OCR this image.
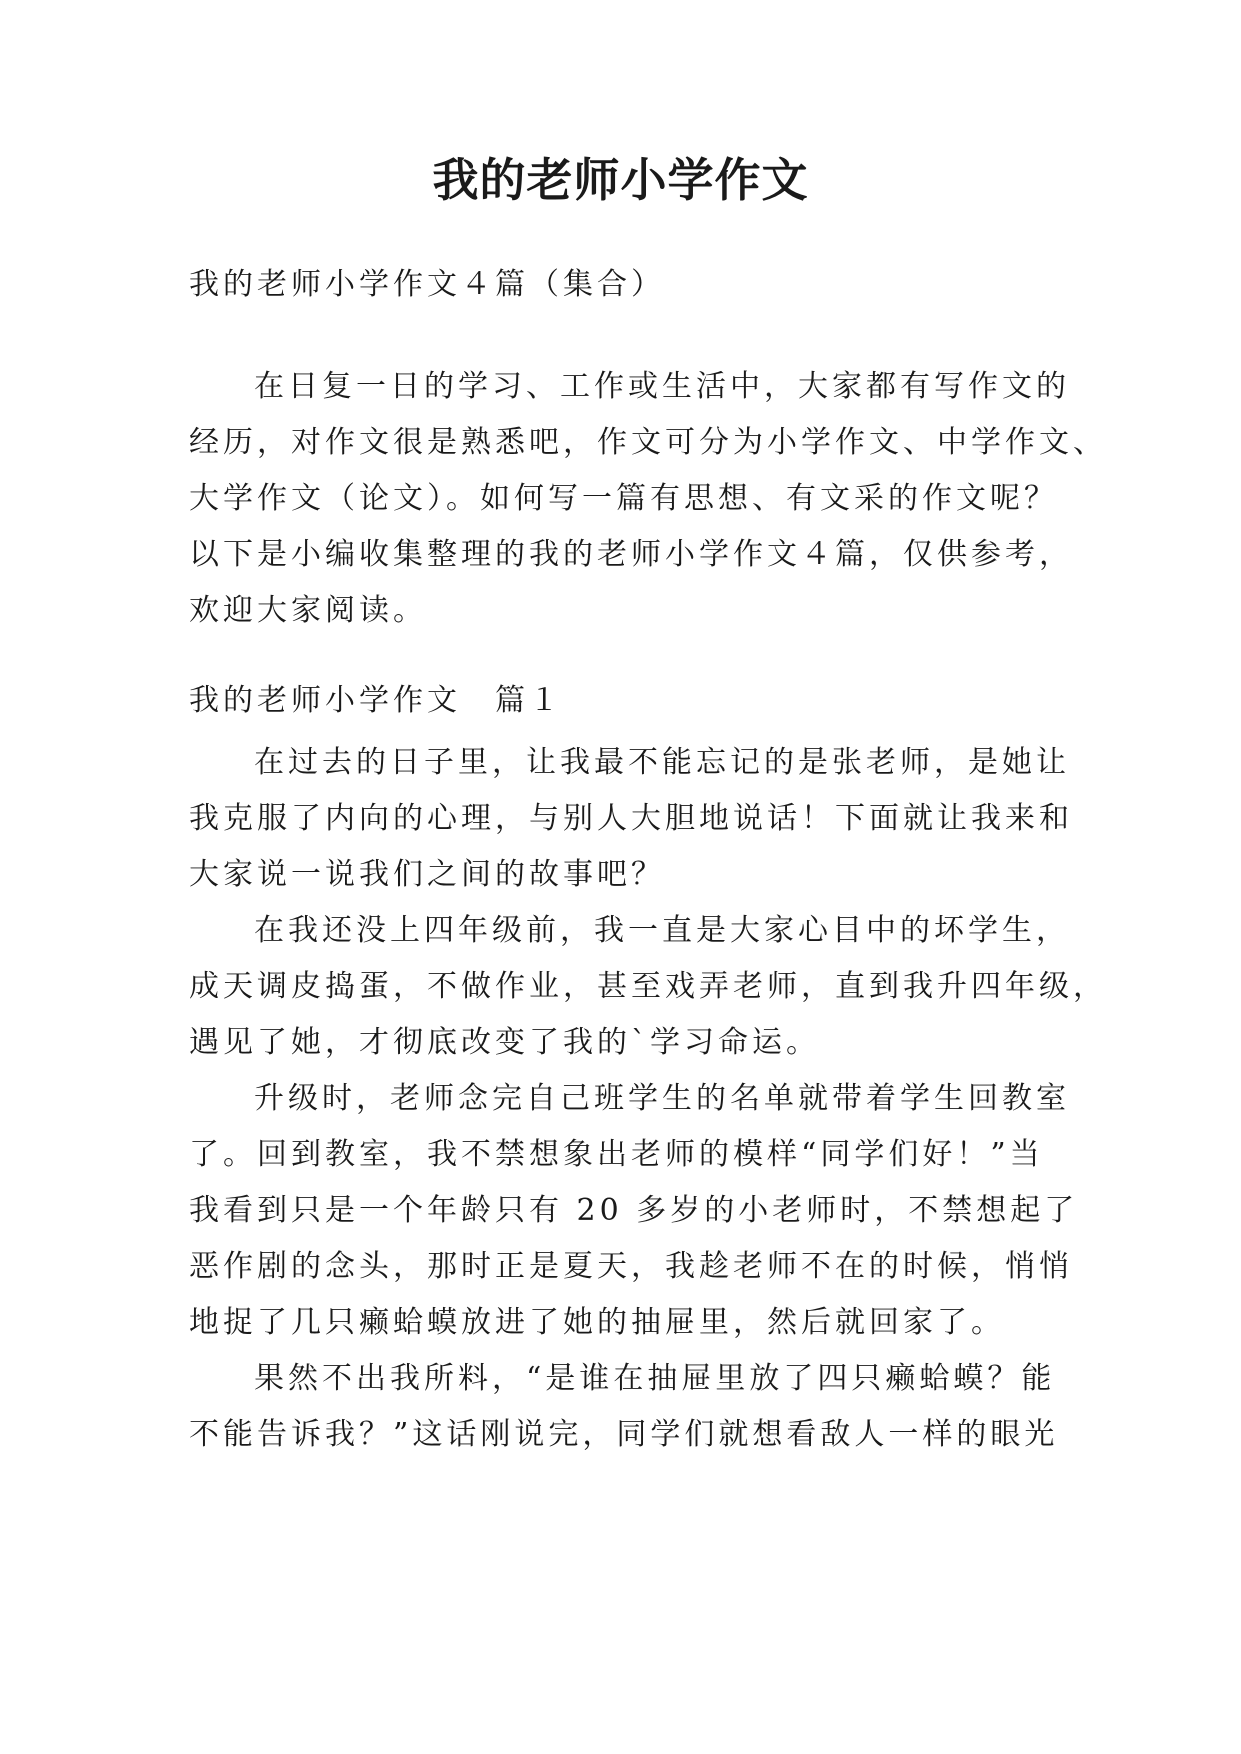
我的老师小学作文

我的老师小学作文４篇（集合）

在日复一日的学习、工作或生活中，大家都有写作文的

经历，对作文很是熟悉吧，作文可分为小学作文、中学作文、

大学作文（论文）。如何写一篇有思想、有文采的作文呢？

以下是小编收集整理的我的老师小学作文４篇，仅供参考，

欢迎大家阅读。

我的老师小学作文　篇１

在过去的日子里，让我最不能忘记的是张老师，是她让

我克服了内向的心理，与别人大胆地说话！下面就让我来和

大家说一说我们之间的故事吧？

在我还没上四年级前，我一直是大家心目中的坏学生，

成天调皮捣蛋，不做作业，甚至戏弄老师，直到我升四年级，

遇见了她，才彻底改变了我的`学习命运。

升级时，老师念完自己班学生的名单就带着学生回教室

了。回到教室，我不禁想象出老师的模样“同学们好！”当

我看到只是一个年龄只有 20 多岁的小老师时，不禁想起了

恶作剧的念头，那时正是夏天，我趁老师不在的时候，悄悄

地捉了几只癞蛤蟆放进了她的抽屉里，然后就回家了。

果然不出我所料，“是谁在抽屉里放了四只癞蛤蟆？能

不能告诉我？”这话刚说完，同学们就想看敌人一样的眼光
